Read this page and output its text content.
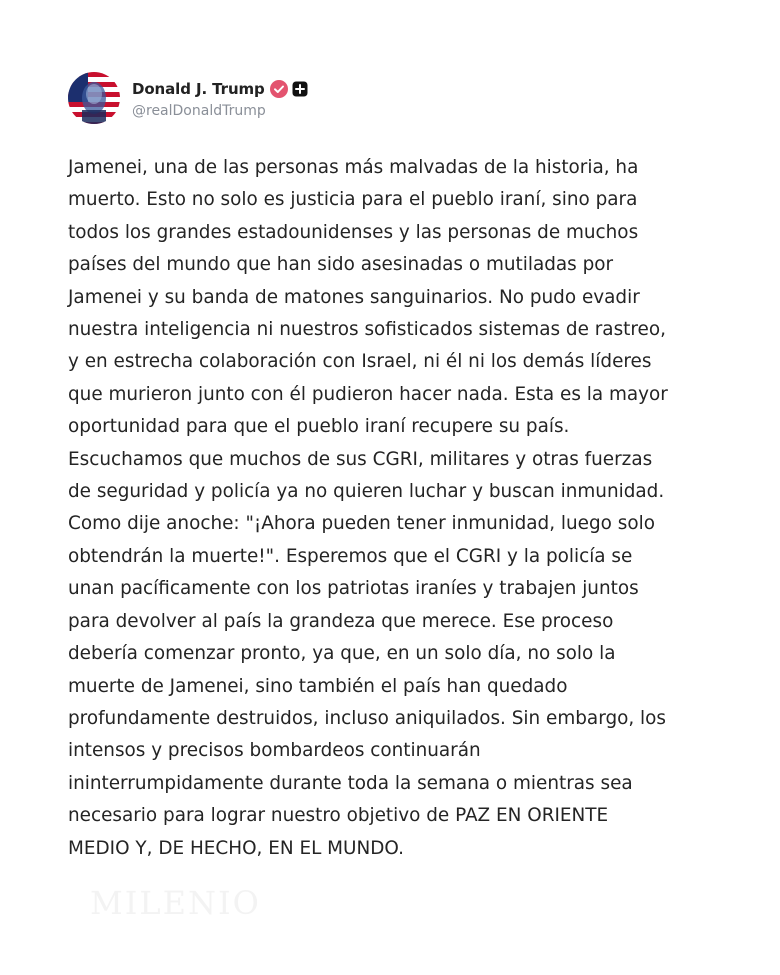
Donald J. Trump
@realDonaldTrump
Jamenei, una de las personas más malvadas de la historia, ha
muerto. Esto no solo es justicia para el pueblo iraní, sino para
todos los grandes estadounidenses y las personas de muchos
países del mundo que han sido asesinadas o mutiladas por
Jamenei y su banda de matones sanguinarios. No pudo evadir
nuestra inteligencia ni nuestros sofisticados sistemas de rastreo,
y en estrecha colaboración con Israel, ni él ni los demás líderes
que murieron junto con él pudieron hacer nada. Esta es la mayor
oportunidad para que el pueblo iraní recupere su país.
Escuchamos que muchos de sus CGRI, militares y otras fuerzas
de seguridad y policía ya no quieren luchar y buscan inmunidad.
Como dije anoche: "¡Ahora pueden tener inmunidad, luego solo
obtendrán la muerte!". Esperemos que el CGRI y la policía se
unan pacíficamente con los patriotas iraníes y trabajen juntos
para devolver al país la grandeza que merece. Ese proceso
debería comenzar pronto, ya que, en un solo día, no solo la
muerte de Jamenei, sino también el país han quedado
profundamente destruidos, incluso aniquilados. Sin embargo, los
intensos y precisos bombardeos continuarán
ininterrumpidamente durante toda la semana o mientras sea
necesario para lograr nuestro objetivo de PAZ EN ORIENTE
MEDIO Y, DE HECHO, EN EL MUNDO.
MILENIO
